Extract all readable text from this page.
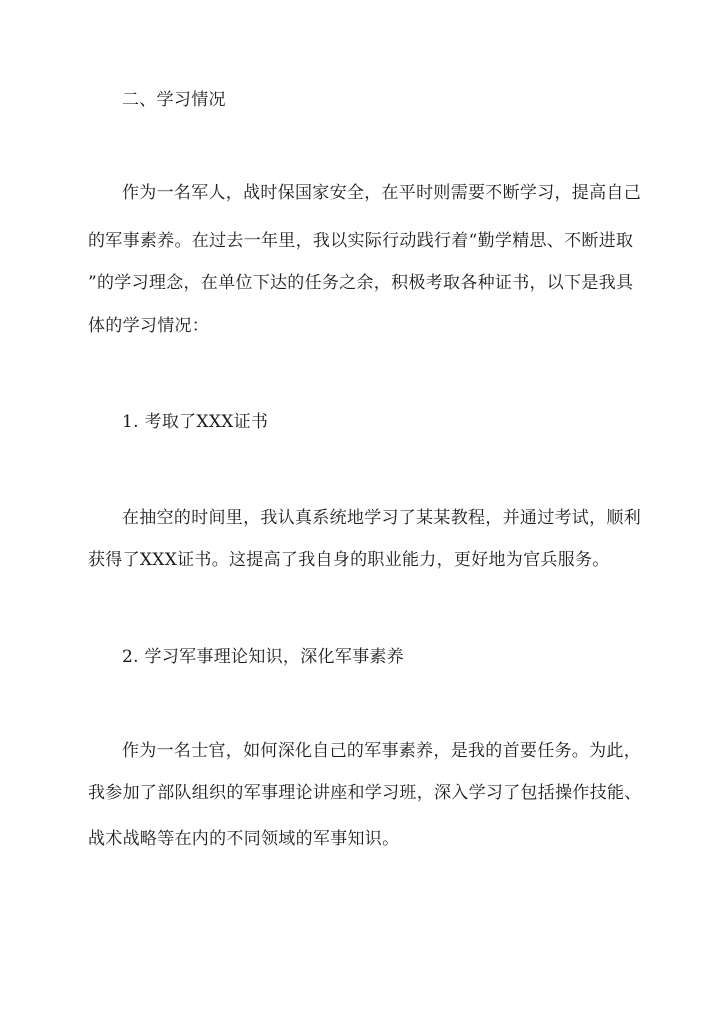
二、学习情况
作为一名军人，战时保国家安全，在平时则需要不断学习，提高自己
的军事素养。在过去一年里，我以实际行动践行着“勤学精思、不断进取
”的学习理念，在单位下达的任务之余，积极考取各种证书，以下是我具
体的学习情况：
1. 考取了XXX证书
在抽空的时间里，我认真系统地学习了某某教程，并通过考试，顺利
获得了XXX证书。这提高了我自身的职业能力，更好地为官兵服务。
2. 学习军事理论知识，深化军事素养
作为一名士官，如何深化自己的军事素养，是我的首要任务。为此，
我参加了部队组织的军事理论讲座和学习班，深入学习了包括操作技能、
战术战略等在内的不同领域的军事知识。
